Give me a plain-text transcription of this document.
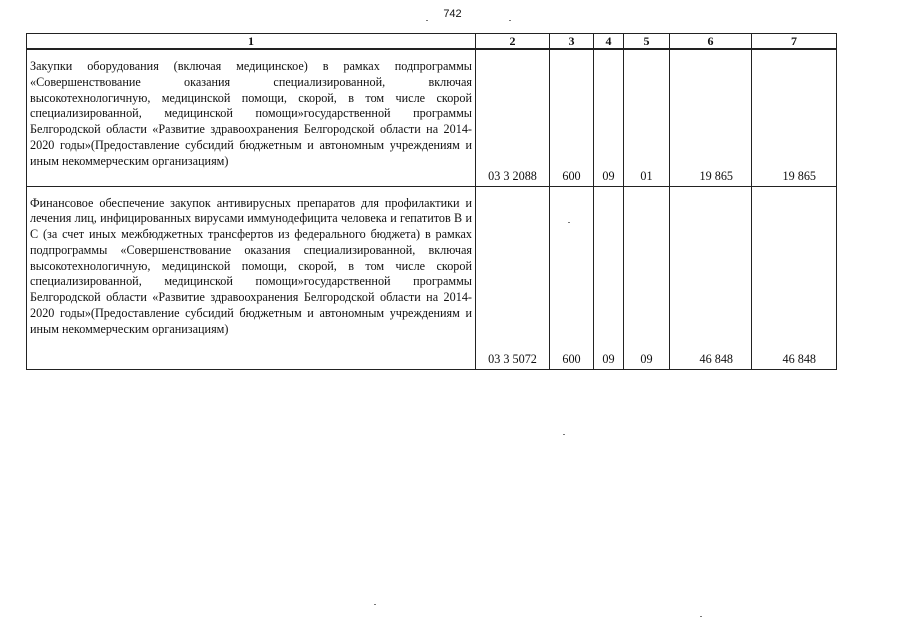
742
1	2	3	4	5	6	7
Закупки оборудования (включая медицинское) в рамках подпрограммы «Совершенствование оказания специализированной, включая высокотехнологичную, медицинской помощи, скорой, в том числе скорой специализированной, медицинской помощи»государственной программы Белгородской области «Развитие здравоохранения Белгородской области на 2014-2020 годы»(Предоставление субсидий бюджетным и автономным учреждениям и иным некоммерческим организациям)	03 3 2088	600	09	01	19 865	19 865
Финансовое обеспечение закупок антивирусных препаратов для профилактики и лечения лиц, инфицированных вирусами иммунодефицита человека и гепатитов В и С (за счет иных межбюджетных трансфертов из федерального бюджета) в рамках подпрограммы «Совершенствование оказания специализированной, включая высокотехнологичную, медицинской помощи, скорой, в том числе скорой специализированной, медицинской помощи»государственной программы Белгородской области «Развитие здравоохранения Белгородской области на 2014-2020 годы»(Предоставление субсидий бюджетным и автономным учреждениям и иным некоммерческим организациям)	03 3 5072	600	09	09	46 848	46 848
